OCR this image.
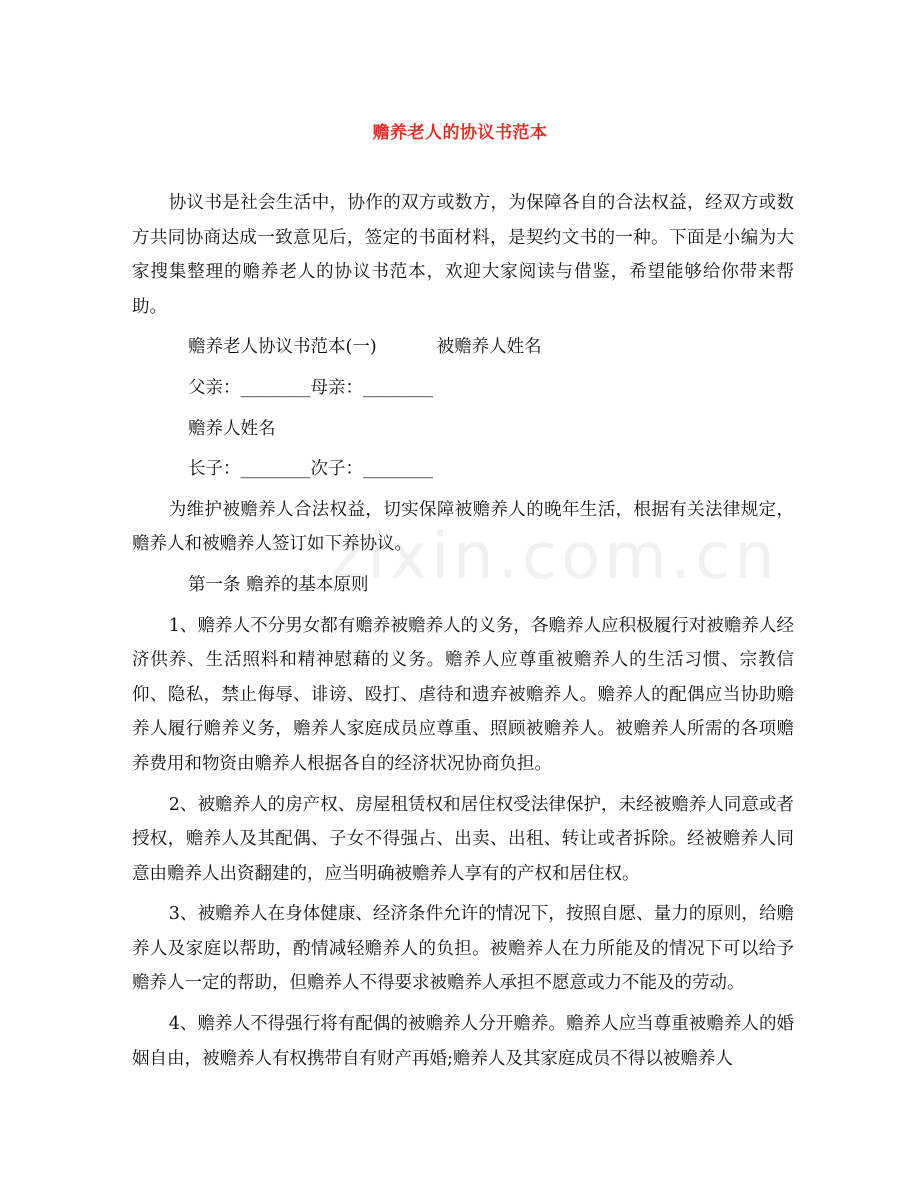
赡养老人的协议书范本
zixin.com.cn

协议书是社会生活中，协作的双方或数方，为保障各自的合法权益，经双方或数方共同协商达成一致意见后，签定的书面材料，是契约文书的一种。下面是小编为大家搜集整理的赡养老人的协议书范本，欢迎大家阅读与借鉴，希望能够给你带来帮助。

赡养老人协议书范本(一)	被赡养人姓名

父亲：________母亲：________

赡养人姓名

长子：________次子：________

为维护被赡养人合法权益，切实保障被赡养人的晚年生活，根据有关法律规定，赡养人和被赡养人签订如下养协议。

第一条 赡养的基本原则

1、赡养人不分男女都有赡养被赡养人的义务，各赡养人应积极履行对被赡养人经济供养、生活照料和精神慰藉的义务。赡养人应尊重被赡养人的生活习惯、宗教信仰、隐私，禁止侮辱、诽谤、殴打、虐待和遗弃被赡养人。赡养人的配偶应当协助赡养人履行赡养义务，赡养人家庭成员应尊重、照顾被赡养人。被赡养人所需的各项赡养费用和物资由赡养人根据各自的经济状况协商负担。

2、被赡养人的房产权、房屋租赁权和居住权受法律保护，未经被赡养人同意或者授权，赡养人及其配偶、子女不得强占、出卖、出租、转让或者拆除。经被赡养人同意由赡养人出资翻建的，应当明确被赡养人享有的产权和居住权。

3、被赡养人在身体健康、经济条件允许的情况下，按照自愿、量力的原则，给赡养人及家庭以帮助，酌情减轻赡养人的负担。被赡养人在力所能及的情况下可以给予赡养人一定的帮助，但赡养人不得要求被赡养人承担不愿意或力不能及的劳动。

4、赡养人不得强行将有配偶的被赡养人分开赡养。赡养人应当尊重被赡养人的婚姻自由，被赡养人有权携带自有财产再婚;赡养人及其家庭成员不得以被赡养人
